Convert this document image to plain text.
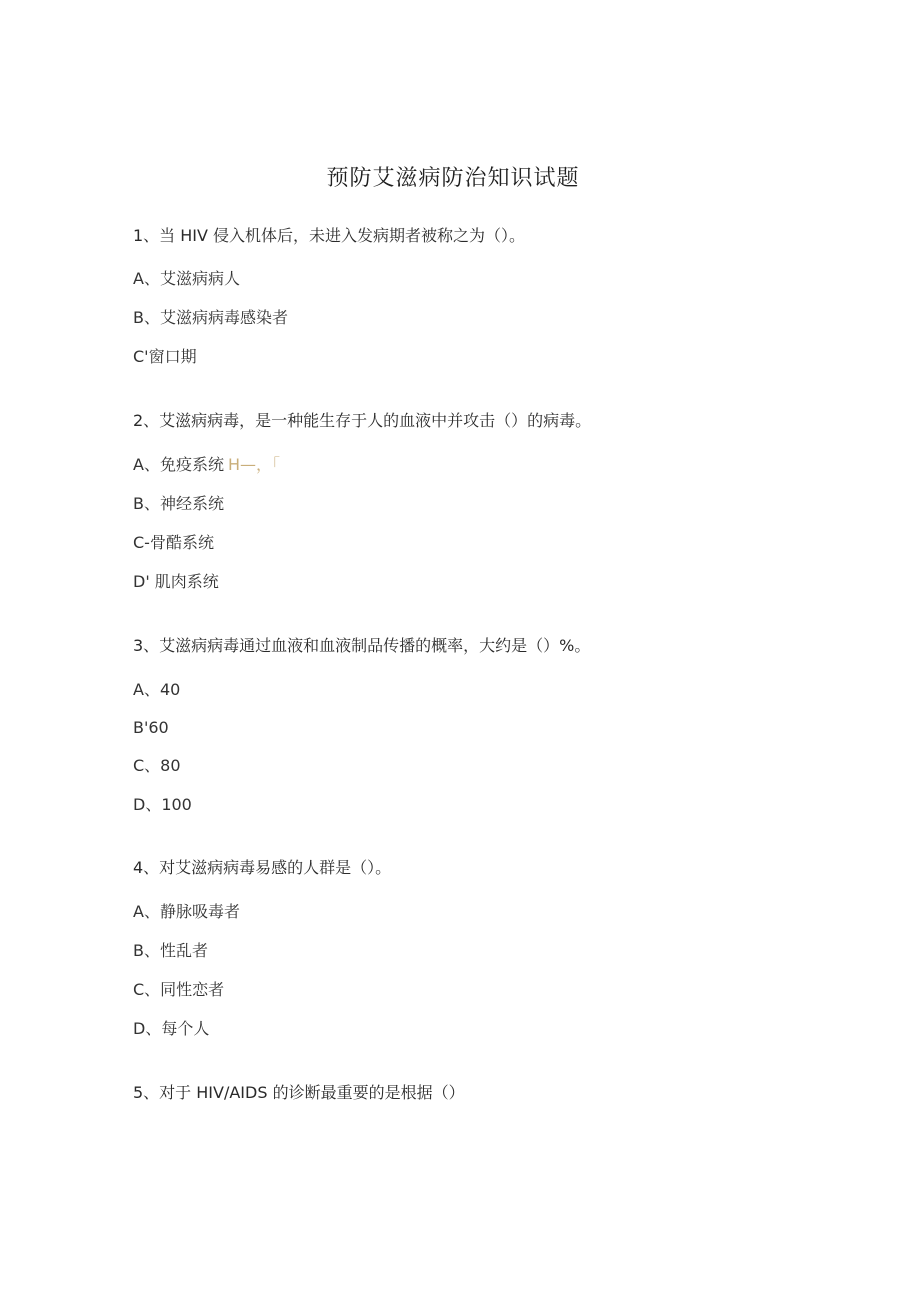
预防艾滋病防治知识试题
1、当 HIV 侵入机体后，未进入发病期者被称之为（）。
A、艾滋病病人
B、艾滋病病毒感染者
C'窗口期
2、艾滋病病毒，是一种能生存于人的血液中并攻击（）的病毒。
A、免疫系统 H—，「
B、神经系统
C-骨酷系统
D' 肌肉系统
3、艾滋病病毒通过血液和血液制品传播的概率，大约是（）%。
A、40
B'60
C、80
D、100
4、对艾滋病病毒易感的人群是（）。
A、静脉吸毒者
B、性乱者
C、同性恋者
D、每个人
5、对于 HIV/AIDS 的诊断最重要的是根据（）
